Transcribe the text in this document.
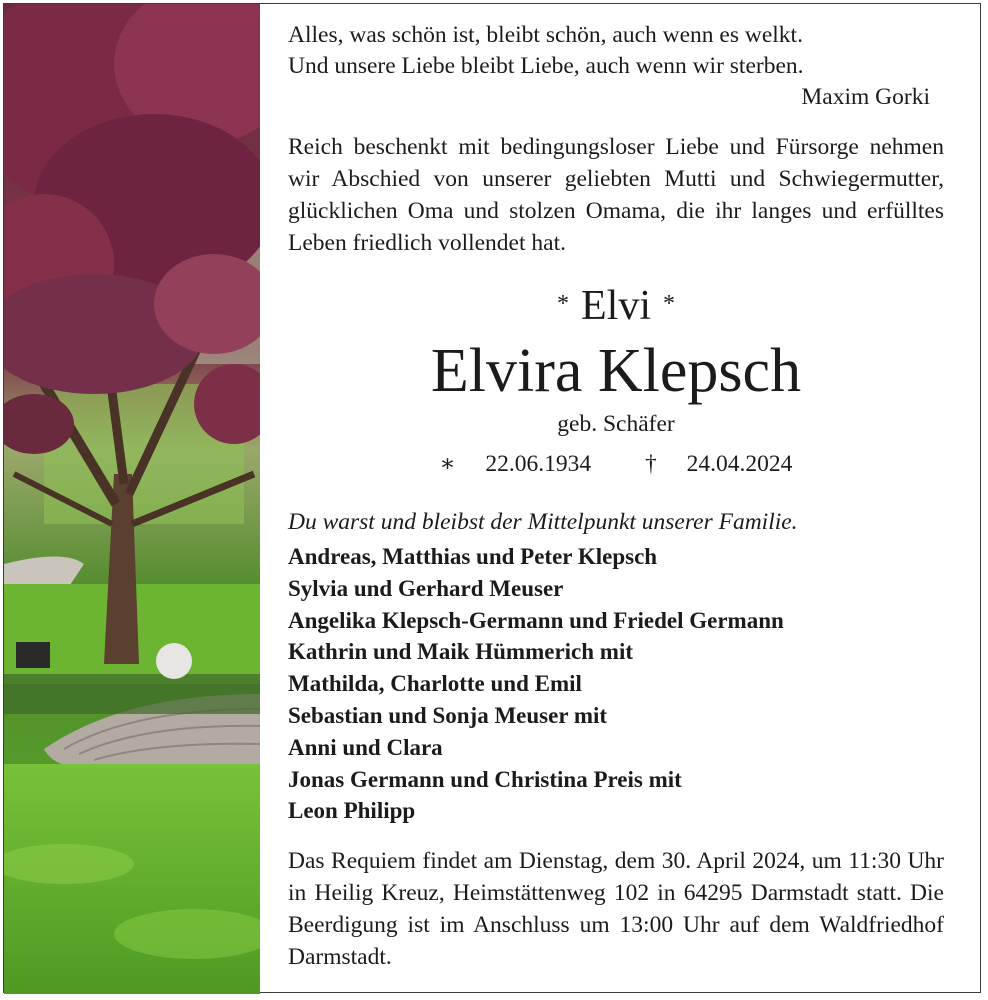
Alles, was schön ist, bleibt schön, auch wenn es welkt.
Und unsere Liebe bleibt Liebe, auch wenn wir sterben.
Maxim Gorki
Reich beschenkt mit bedingungsloser Liebe und Fürsorge nehmen wir Abschied von unserer geliebten Mutti und Schwiegermutter, glücklichen Oma und stolzen Omama, die ihr langes und erfülltes Leben friedlich vollendet hat.
* Elvi *
Elvira Klepsch
geb. Schäfer
∗ 22.06.1934 † 24.04.2024
Du warst und bleibst der Mittelpunkt unserer Familie.
Andreas, Matthias und Peter Klepsch
Sylvia und Gerhard Meuser
Angelika Klepsch-Germann und Friedel Germann
Kathrin und Maik Hümmerich mit
Mathilda, Charlotte und Emil
Sebastian und Sonja Meuser mit
Anni und Clara
Jonas Germann und Christina Preis mit
Leon Philipp
Das Requiem findet am Dienstag, dem 30. April 2024, um 11:30 Uhr in Heilig Kreuz, Heimstättenweg 102 in 64295 Darmstadt statt. Die Beerdigung ist im Anschluss um 13:00 Uhr auf dem Waldfriedhof Darmstadt.
